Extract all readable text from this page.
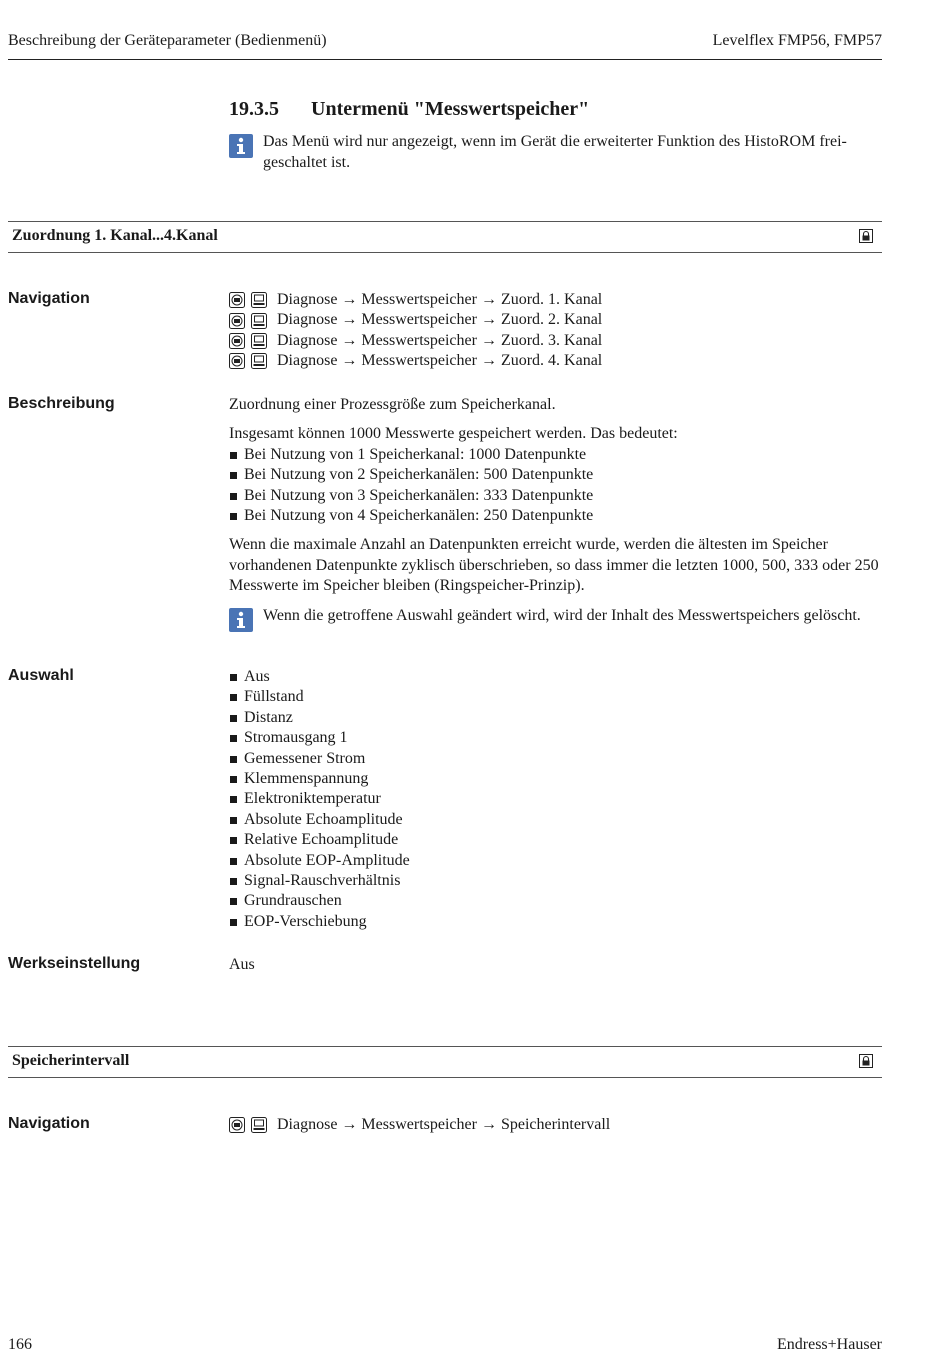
Beschreibung der Geräteparameter (Bedienmenü)	Levelflex FMP56, FMP57
19.3.5 Untermenü "Messwertspeicher"
Das Menü wird nur angezeigt, wenn im Gerät die erweiterter Funktion des HistoROM frei-geschaltet ist.
Zuordnung 1. Kanal...4.Kanal
Navigation	Diagnose → Messwertspeicher → Zuord. 1. Kanal
Diagnose → Messwertspeicher → Zuord. 2. Kanal
Diagnose → Messwertspeicher → Zuord. 3. Kanal
Diagnose → Messwertspeicher → Zuord. 4. Kanal
Beschreibung	Zuordnung einer Prozessgröße zum Speicherkanal.

Insgesamt können 1000 Messwerte gespeichert werden. Das bedeutet:

Bei Nutzung von 1 Speicherkanal: 1000 Datenpunkte
Bei Nutzung von 2 Speicherkanälen: 500 Datenpunkte
Bei Nutzung von 3 Speicherkanälen: 333 Datenpunkte
Bei Nutzung von 4 Speicherkanälen: 250 Datenpunkte

Wenn die maximale Anzahl an Datenpunkten erreicht wurde, werden die ältesten im Speicher vorhandenen Datenpunkte zyklisch überschrieben, so dass immer die letzten 1000, 500, 333 oder 250 Messwerte im Speicher bleiben (Ringspeicher-Prinzip).

Wenn die getroffene Auswahl geändert wird, wird der Inhalt des Messwertspeichers gelöscht.
Auswahl	Aus
Füllstand
Distanz
Stromausgang 1
Gemessener Strom
Klemmenspannung
Elektroniktemperatur
Absolute Echoamplitude
Relative Echoamplitude
Absolute EOP-Amplitude
Signal-Rauschverhältnis
Grundrauschen
EOP-Verschiebung
Werkseinstellung	Aus
Speicherintervall
Navigation	Diagnose → Messwertspeicher → Speicherintervall
166	Endress+Hauser
